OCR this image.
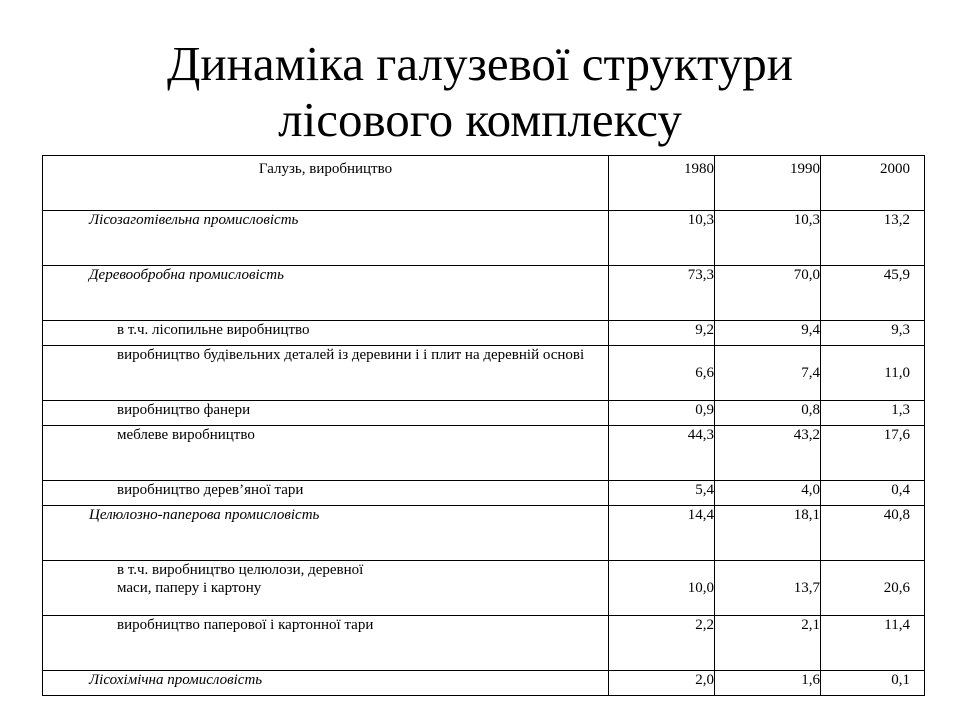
Динаміка галузевої структури
лісового комплексу
Галузь, виробництво	1980	1990	2000
Лісозаготівельна промисловість	10,3	10,3	13,2
Деревообробна промисловість	73,3	70,0	45,9
в т.ч. лісопильне виробництво	9,2	9,4	9,3
виробництво будівельних деталей із деревини і і плит на деревній основі	6,6	7,4	11,0
виробництво фанери	0,9	0,8	1,3
меблеве виробництво	44,3	43,2	17,6
виробництво дерев’яної тари	5,4	4,0	0,4
Целюлозно-паперова промисловість	14,4	18,1	40,8

в т.ч. виробництво целюлози, деревної
маси, паперу і картону	10,0	13,7	20,6
виробництво паперової і картонної тари	2,2	2,1	11,4
Лісохімічна промисловість	2,0	1,6	0,1
